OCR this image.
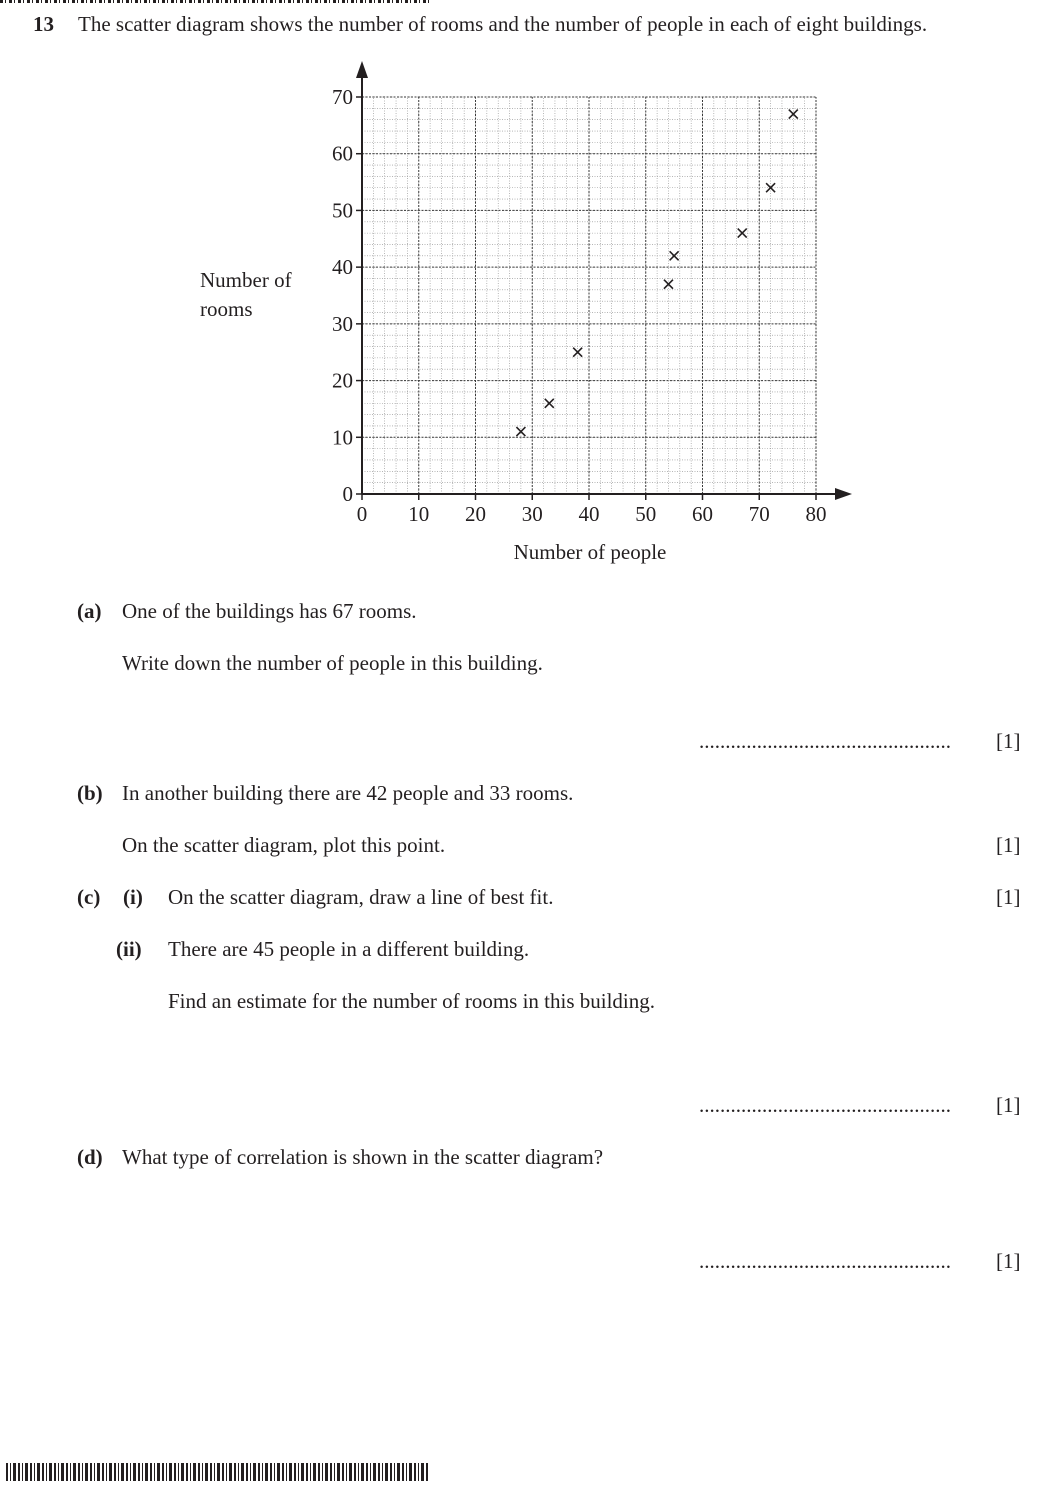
13 The scatter diagram shows the number of rooms and the number of people in each of eight buildings.
Number of
rooms
0 10 20 30 40 50 60 70 80
0
10
20
30
40
50
60
70
Number of people
(a) One of the buildings has 67 rooms.
Write down the number of people in this building.
................................................ [1]
(b) In another building there are 42 people and 33 rooms.
On the scatter diagram, plot this point.	[1]
(c) (i) On the scatter diagram, draw a line of best fit.	[1]
(ii) There are 45 people in a different building.
Find an estimate for the number of rooms in this building.
................................................ [1]
(d) What type of correlation is shown in the scatter diagram?
................................................ [1]
